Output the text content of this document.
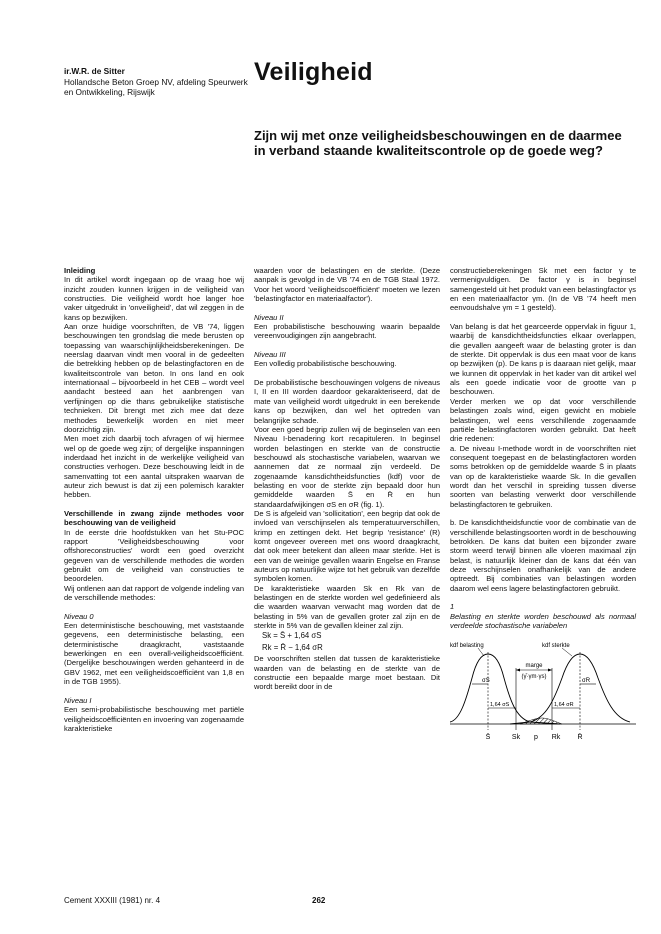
ir.W.R. de Sitter
Hollandsche Beton Groep NV, afdeling Speurwerk en Ontwikkeling, Rijswijk
Veiligheid
Zijn wij met onze veiligheidsbeschouwingen en de daarmee in verband staande kwaliteitscontrole op de goede weg?
Inleiding

In dit artikel wordt ingegaan op de vraag hoe wij inzicht zouden kunnen krijgen in de veiligheid van constructies. Die veiligheid wordt hoe langer hoe vaker uitgedrukt in 'onveiligheid', dat wil zeggen in de kans op bezwijken.

Aan onze huidige voorschriften, de VB '74, liggen beschouwingen ten grondslag die mede berusten op toepassing van waarschijnlijkheidsberekeningen. De neerslag daarvan vindt men vooral in de gedeelten die betrekking hebben op de belastingfactoren en de kwaliteitscontrole van beton. In ons land en ook internationaal – bijvoorbeeld in het CEB – wordt veel aandacht besteed aan het aanbrengen van verfijningen op die thans gebruikelijke statistische technieken. Dit brengt met zich mee dat deze methodes bewerkelijk worden en niet meer doorzichtig zijn.

Men moet zich daarbij toch afvragen of wij hiermee wel op de goede weg zijn; of dergelijke inspanningen inderdaad het inzicht in de werkelijke veiligheid van constructies verhogen. Deze beschouwing leidt in de samenvatting tot een aantal uitspraken waarvan de auteur zich bewust is dat zij een polemisch karakter hebben.

Verschillende in zwang zijnde methodes voor beschouwing van de veiligheid

In de eerste drie hoofdstukken van het Stu-POC rapport 'Veiligheidsbeschouwing voor offshoreconstructies' wordt een goed overzicht gegeven van de verschillende methodes die worden gebruikt om de veiligheid van constructies te beoordelen.

Wij ontlenen aan dat rapport de volgende indeling van de verschillende methodes:

Niveau 0

Een deterministische beschouwing, met vaststaande gegevens, een deterministische belasting, een deterministische draagkracht, vaststaande bewerkingen en een overall-veiligheidscoëfficiënt. (Dergelijke beschouwingen werden gehanteerd in de GBV 1962, met een veiligheidscoëfficiënt van 1,8 en in de TGB 1955).

Niveau I

Een semi-probabilistische beschouwing met partiële veiligheidscoëfficiënten en invoering van zogenaamde karakteristieke

waarden voor de belastingen en de sterkte. (Deze aanpak is gevolgd in de VB '74 en de TGB Staal 1972. Voor het woord 'veiligheidscoëfficiënt' moeten we lezen 'belastingfactor en materiaalfactor').

Niveau II

Een probabilistische beschouwing waarin bepaalde vereenvoudigingen zijn aangebracht.

Niveau III

Een volledig probabilistische beschouwing.

De probabilistische beschouwingen volgens de niveaus I, II en III worden daardoor gekarakteriseerd, dat de mate van veiligheid wordt uitgedrukt in een berekende kans op bezwijken, dan wel het optreden van belangrijke schade.

Voor een goed begrip zullen wij de beginselen van een Niveau I-benadering kort recapituleren. In beginsel worden belastingen en sterkte van de constructie beschouwd als stochastische variabelen, waarvan we aannemen dat ze normaal zijn verdeeld. De zogenaamde kansdichtheidsfuncties (kdf) voor de belasting en voor de sterkte zijn bepaald door hun gemiddelde waarden S̄ en R̄ en hun standaardafwijkingen σS en σR (fig. 1).

De S is afgeleid van 'sollicitation', een begrip dat ook de invloed van verschijnselen als temperatuurverschillen, krimp en zettingen dekt. Het begrip 'resistance' (R) komt ongeveer overeen met ons woord draagkracht, dat ook meer betekent dan alleen maar sterkte. Het is een van de weinige gevallen waarin Engelse en Franse auteurs op natuurlijke wijze tot het gebruik van dezelfde symbolen komen.

De karakteristieke waarden Sk en Rk van de belastingen en de sterkte worden wel gedefinieerd als die waarden waarvan verwacht mag worden dat de belasting in 5% van de gevallen groter zal zijn en de sterkte in 5% van de gevallen kleiner zal zijn.

Sk = S̄ + 1,64 σS

Rk = R̄ − 1,64 σR

De voorschriften stellen dat tussen de karakteristieke waarden van de belasting en de sterkte van de constructie een bepaalde marge moet bestaan. Dit wordt bereikt door in de

constructieberekeningen Sk met een factor γ te vermenigvuldigen. De factor γ is in beginsel samengesteld uit het produkt van een belastingfactor γs en een materiaalfactor γm. (In de VB '74 heeft men eenvoudshalve γm = 1 gesteld).

Van belang is dat het gearceerde oppervlak in figuur 1, waarbij de kansdichtheidsfuncties elkaar overlappen, die gevallen aangeeft waar de belasting groter is dan de sterkte. Dit oppervlak is dus een maat voor de kans op bezwijken (p). De kans p is daaraan niet gelijk, maar we kunnen dit oppervlak in het kader van dit artikel wel als een goede indicatie voor de grootte van p beschouwen.

Verder merken we op dat voor verschillende belastingen zoals wind, eigen gewicht en mobiele belastingen, wel eens verschillende zogenaamde partiële belastingfactoren worden gebruikt. Dat heeft drie redenen:

a. De niveau I-methode wordt in de voorschriften niet consequent toegepast en de belastingfactoren worden soms betrokken op de gemiddelde waarde S̄ in plaats van op de karakteristieke waarde Sk. In die gevallen wordt dan het verschil in spreiding tussen diverse soorten van belasting verwerkt door verschillende belastingfactoren te gebruiken.

b. De kansdichtheidsfunctie voor de combinatie van de verschillende belastingsoorten wordt in de beschouwing betrokken. De kans dat buiten een bijzonder zware storm weerd terwijl binnen alle vloeren maximaal zijn belast, is natuurlijk kleiner dan de kans dat één van deze verschijnselen onafhankelijk van de andere optreedt. Bij combinaties van belastingen worden daarom wel eens lagere belastingfactoren gebruikt.

1

Belasting en sterkte worden beschouwd als normaal verdeelde stochastische variabelen

marge
(γ̄·γm·γs)
σS	σR
1,64 σS	1,64 σR
kdf belasting	kdf sterkte
S̄	Sk p Rk R̄
Cement XXXIII (1981) nr. 4	262
